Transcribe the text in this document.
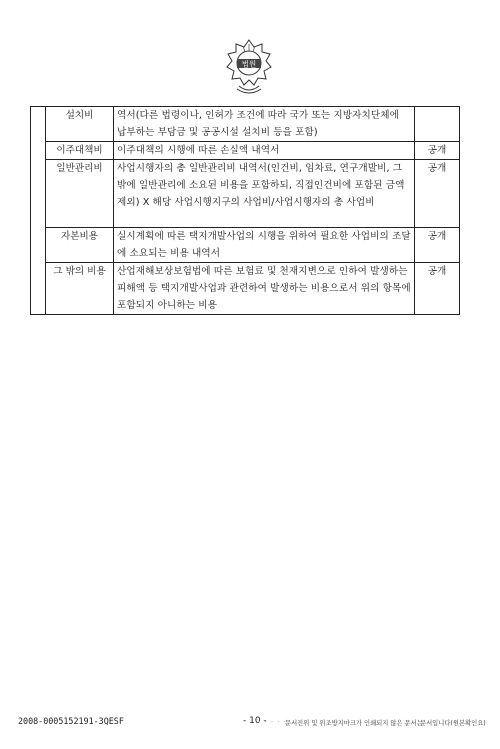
법원
	설치비	역서(다른 법령이나, 인허가 조건에 따라 국가 또는 지방자치단체에 납부하는 부담금 및 공공시설 설치비 등을 포함)	
	이주대책비	이주대책의 시행에 따른 손실액 내역서	공개
	일반관리비	사업시행자의 총 일반관리비 내역서(인건비, 임차료, 연구개발비, 그 밖에 일반관리에 소요된 비용을 포함하되, 직접인건비에 포함된 금액 제외) X 해당 사업시행지구의 사업비/사업시행자의 총 사업비	공개
	자본비용	실시계획에 따른 택지개발사업의 시행을 위하여 필요한 사업비의 조달에 소요되는 비용 내역서	공개
	그 밖의 비용	산업재해보상보험법에 따른 보험료 및 천재지변으로 인하여 발생하는 피해액 등 택지개발사업과 관련하여 발생하는 비용으로서 위의 항목에 포함되지 아니하는 비용	공개
2008-0005152191-3QESF	- 10 -
· · · · ·
문서진위 및 위조방지마크가 인쇄되지 않은 문서는
문서입니다(원본확인요)
